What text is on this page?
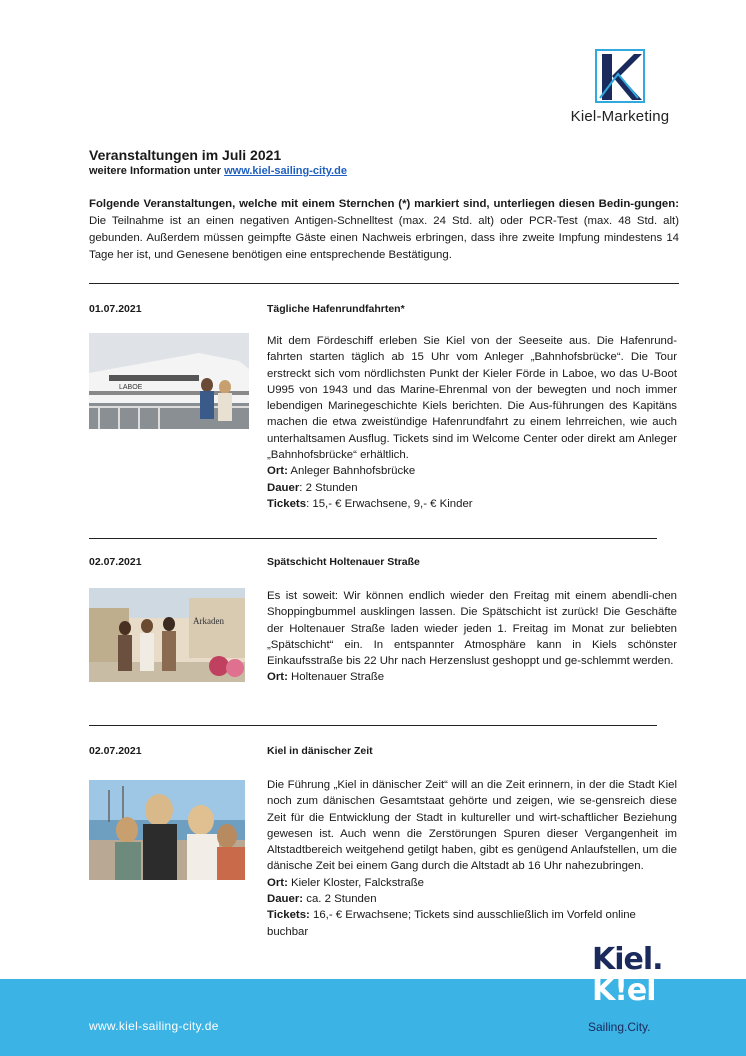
Kiel-Marketing
Veranstaltungen im Juli 2021
weitere Information unter www.kiel-sailing-city.de
Folgende Veranstaltungen, welche mit einem Sternchen (*) markiert sind, unterliegen diesen Bedin-gungen: Die Teilnahme ist an einen negativen Antigen-Schnelltest (max. 24 Std. alt) oder PCR-Test (max. 48 Std. alt) gebunden. Außerdem müssen geimpfte Gäste einen Nachweis erbringen, dass ihre zweite Impfung mindestens 14 Tage her ist, und Genesene benötigen eine entsprechende Bestätigung.
01.07.2021	Tägliche Hafenrundfahrten*
LABOE
Mit dem Fördeschiff erleben Sie Kiel von der Seeseite aus. Die Hafenrund-fahrten starten täglich ab 15 Uhr vom Anleger „Bahnhofsbrücke“. Die Tour erstreckt sich vom nördlichsten Punkt der Kieler Förde in Laboe, wo das U-Boot U995 von 1943 und das Marine-Ehrenmal von der bewegten und noch immer lebendigen Marinegeschichte Kiels berichten. Die Aus-führungen des Kapitäns machen die etwa zweistündige Hafenrundfahrt zu einem lehrreichen, wie auch unterhaltsamen Ausflug. Tickets sind im Welcome Center oder direkt am Anleger „Bahnhofsbrücke“ erhältlich.
Ort: Anleger Bahnhofsbrücke
Dauer: 2 Stunden
Tickets: 15,- € Erwachsene, 9,- € Kinder
02.07.2021	Spätschicht Holtenauer Straße
Arkaden
Es ist soweit: Wir können endlich wieder den Freitag mit einem abendli-chen Shoppingbummel ausklingen lassen. Die Spätschicht ist zurück! Die Geschäfte der Holtenauer Straße laden wieder jeden 1. Freitag im Monat zur beliebten „Spätschicht“ ein. In entspannter Atmosphäre kann in Kiels schönster Einkaufsstraße bis 22 Uhr nach Herzenslust geshoppt und ge-schlemmt werden.
Ort: Holtenauer Straße
02.07.2021	Kiel in dänischer Zeit
Die Führung „Kiel in dänischer Zeit“ will an die Zeit erinnern, in der die Stadt Kiel noch zum dänischen Gesamtstaat gehörte und zeigen, wie se-gensreich diese Zeit für die Entwicklung der Stadt in kultureller und wirt-schaftlicher Beziehung gewesen ist. Auch wenn die Zerstörungen Spuren dieser Vergangenheit im Altstadtbereich weitgehend getilgt haben, gibt es genügend Anlaufstellen, um die dänische Zeit bei einem Gang durch die Altstadt ab 16 Uhr nahezubringen.
Ort: Kieler Kloster, Falckstraße
Dauer: ca. 2 Stunden
Tickets: 16,- € Erwachsene; Tickets sind ausschließlich im Vorfeld online buchbar
www.kiel-sailing-city.de	Sailing.City.
Kiel.
K!el
